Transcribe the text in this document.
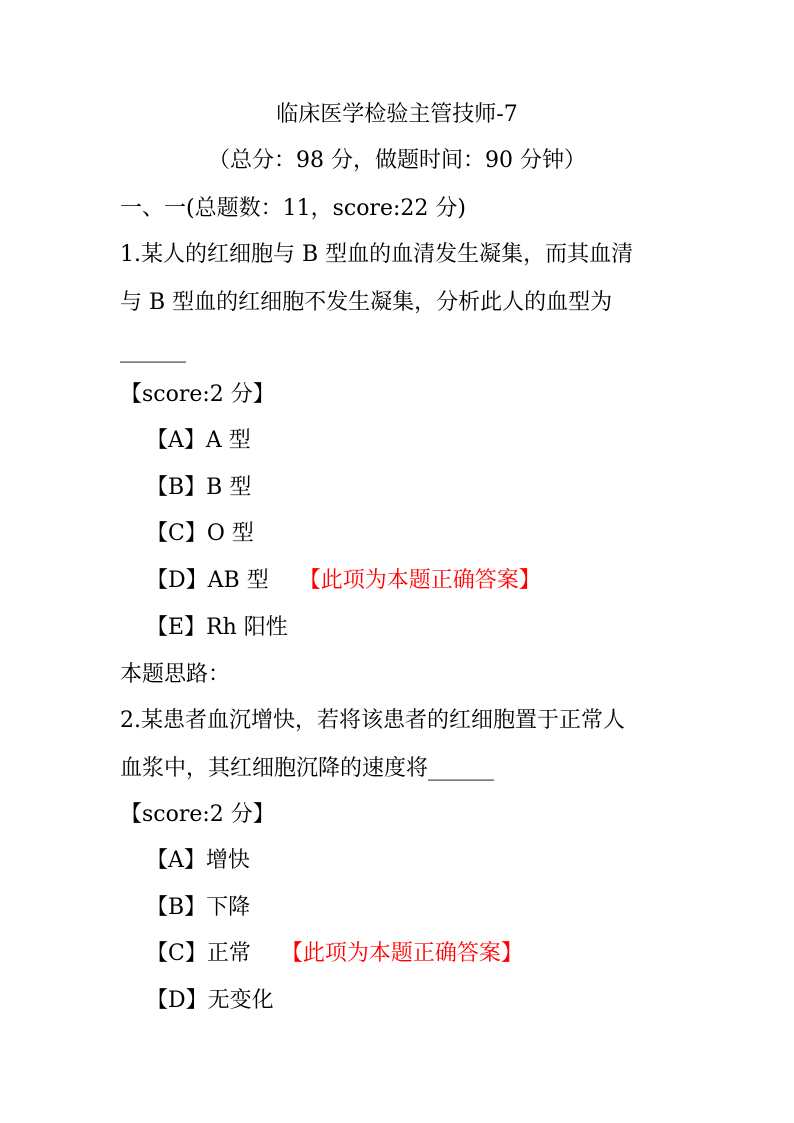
临床医学检验主管技师-7
（总分：98 分，做题时间：90 分钟）
一、一(总题数：11，score:22 分)
1.某人的红细胞与 B 型血的血清发生凝集，而其血清
与 B 型血的红细胞不发生凝集，分析此人的血型为
______
【score:2 分】
【A】A 型
【B】B 型
【C】O 型
【D】AB 型 【此项为本题正确答案】
【E】Rh 阳性
本题思路：
2.某患者血沉增快，若将该患者的红细胞置于正常人
血浆中，其红细胞沉降的速度将______
【score:2 分】
【A】增快
【B】下降
【C】正常 【此项为本题正确答案】
【D】无变化
